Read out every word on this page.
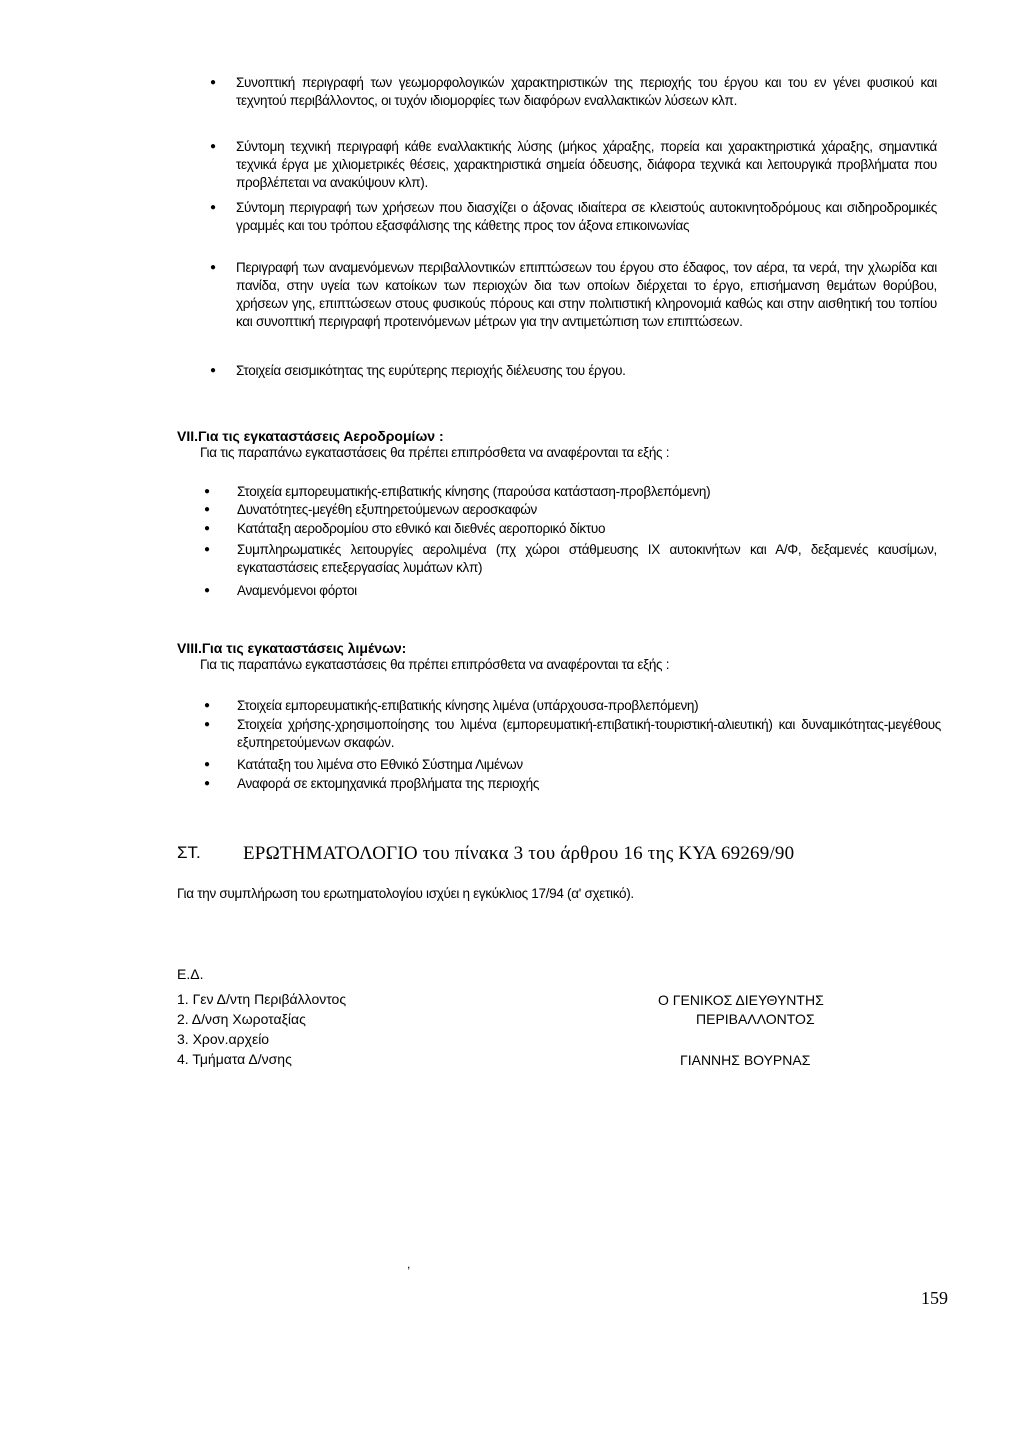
●	Συνοπτική περιγραφή των γεωμορφολογικών χαρακτηριστικών της περιοχής του έργου και του εν γένει φυσικού και τεχνητού περιβάλλοντος, οι τυχόν ιδιομορφίες των διαφόρων εναλλακτικών λύσεων κλπ.
●	Σύντομη τεχνική περιγραφή κάθε εναλλακτικής λύσης (μήκος χάραξης, πορεία και χαρακτηριστικά χάραξης, σημαντικά τεχνικά έργα με χιλιομετρικές θέσεις, χαρακτηριστικά σημεία όδευσης, διάφορα τεχνικά και λειτουργικά προβλήματα που προβλέπεται να ανακύψουν κλπ).
●	Σύντομη περιγραφή των χρήσεων που διασχίζει ο άξονας ιδιαίτερα σε κλειστούς αυτοκινητοδρόμους και σιδηροδρομικές γραμμές και του τρόπου εξασφάλισης της κάθετης προς τον άξονα επικοινωνίας
●	Περιγραφή των αναμενόμενων περιβαλλοντικών επιπτώσεων του έργου στο έδαφος, τον αέρα, τα νερά, την χλωρίδα και πανίδα, στην υγεία των κατοίκων των περιοχών δια των οποίων διέρχεται το έργο, επισήμανση θεμάτων θορύβου, χρήσεων γης, επιπτώσεων στους φυσικούς πόρους και στην πολιτιστική κληρονομιά καθώς και στην αισθητική του τοπίου και συνοπτική περιγραφή προτεινόμενων μέτρων για την αντιμετώπιση των επιπτώσεων.
●	Στοιχεία σεισμικότητας της ευρύτερης περιοχής διέλευσης του έργου.
VII.Για τις εγκαταστάσεις Αεροδρομίων :
Για τις παραπάνω εγκαταστάσεις θα πρέπει επιπρόσθετα να αναφέρονται τα εξής :
●	Στοιχεία εμπορευματικής-επιβατικής κίνησης (παρούσα κατάσταση-προβλεπόμενη)
●	Δυνατότητες-μεγέθη εξυπηρετούμενων αεροσκαφών
●	Κατάταξη αεροδρομίου στο εθνικό και διεθνές αεροπορικό δίκτυο
●	Συμπληρωματικές λειτουργίες αερολιμένα (πχ χώροι στάθμευσης IX αυτοκινήτων και Α/Φ, δεξαμενές καυσίμων, εγκαταστάσεις επεξεργασίας λυμάτων κλπ)
●	Αναμενόμενοι φόρτοι
VIII.Για τις εγκαταστάσεις λιμένων:
Για τις παραπάνω εγκαταστάσεις θα πρέπει επιπρόσθετα να αναφέρονται τα εξής :
●	Στοιχεία εμπορευματικής-επιβατικής κίνησης λιμένα (υπάρχουσα-προβλεπόμενη)
●	Στοιχεία χρήσης-χρησιμοποίησης του λιμένα (εμπορευματική-επιβατική-τουριστική-αλιευτική) και δυναμικότητας-μεγέθους εξυπηρετούμενων σκαφών.
●	Κατάταξη του λιμένα στο Εθνικό Σύστημα Λιμένων
●	Αναφορά σε εκτομηχανικά προβλήματα της περιοχής
ΣΤ. ΕΡΩΤΗΜΑΤΟΛΟΓΙΟ του πίνακα 3 του άρθρου 16 της ΚΥΑ 69269/90
Για την συμπλήρωση του ερωτηματολογίου ισχύει η εγκύκλιος 17/94 (α' σχετικό).
Ε.Δ.
1. Γεν Δ/ντη Περιβάλλοντος
2. Δ/νση Χωροταξίας
3. Χρον.αρχείο
4. Τμήματα Δ/νσης
Ο ΓΕΝΙΚΟΣ ΔΙΕΥΘΥΝΤΗΣ
ΠΕΡΙΒΑΛΛΟΝΤΟΣ
ΓΙΑΝΝΗΣ ΒΟΥΡΝΑΣ
,
159
